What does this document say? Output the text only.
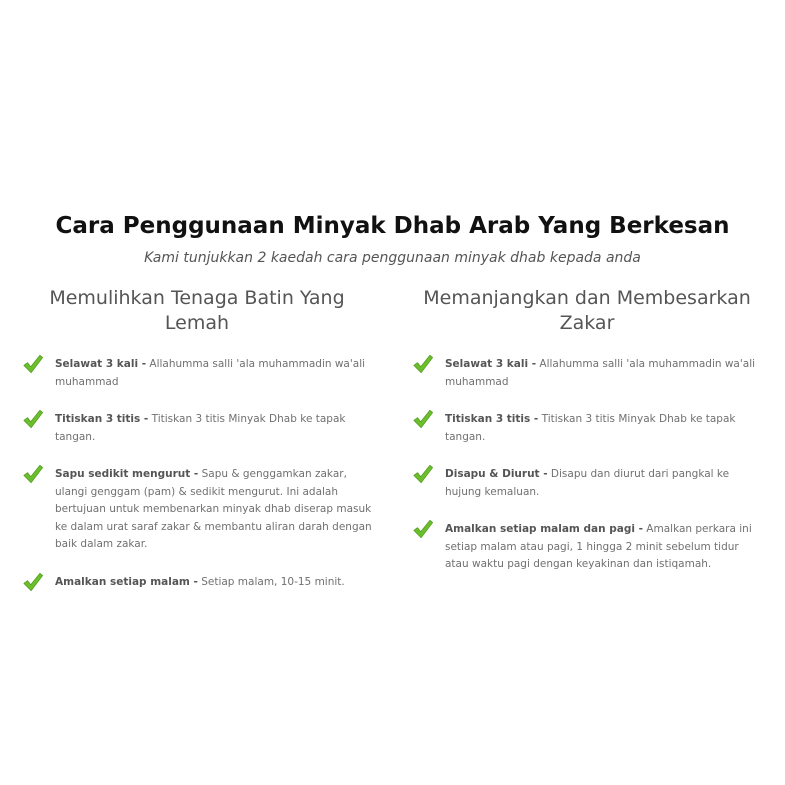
Cara Penggunaan Minyak Dhab Arab Yang Berkesan
Kami tunjukkan 2 kaedah cara penggunaan minyak dhab kepada anda
Memulihkan Tenaga Batin Yang Lemah
Selawat 3 kali - Allahumma salli 'ala muhammadin wa'ali muhammad
Titiskan 3 titis - Titiskan 3 titis Minyak Dhab ke tapak tangan.
Sapu sedikit mengurut - Sapu & genggamkan zakar, ulangi genggam (pam) & sedikit mengurut. Ini adalah bertujuan untuk membenarkan minyak dhab diserap masuk ke dalam urat saraf zakar & membantu aliran darah dengan baik dalam zakar.
Amalkan setiap malam - Setiap malam, 10-15 minit.
Memanjangkan dan Membesarkan Zakar
Selawat 3 kali - Allahumma salli 'ala muhammadin wa'ali muhammad
Titiskan 3 titis - Titiskan 3 titis Minyak Dhab ke tapak tangan.
Disapu & Diurut - Disapu dan diurut dari pangkal ke hujung kemaluan.
Amalkan setiap malam dan pagi - Amalkan perkara ini setiap malam atau pagi, 1 hingga 2 minit sebelum tidur atau waktu pagi dengan keyakinan dan istiqamah.
